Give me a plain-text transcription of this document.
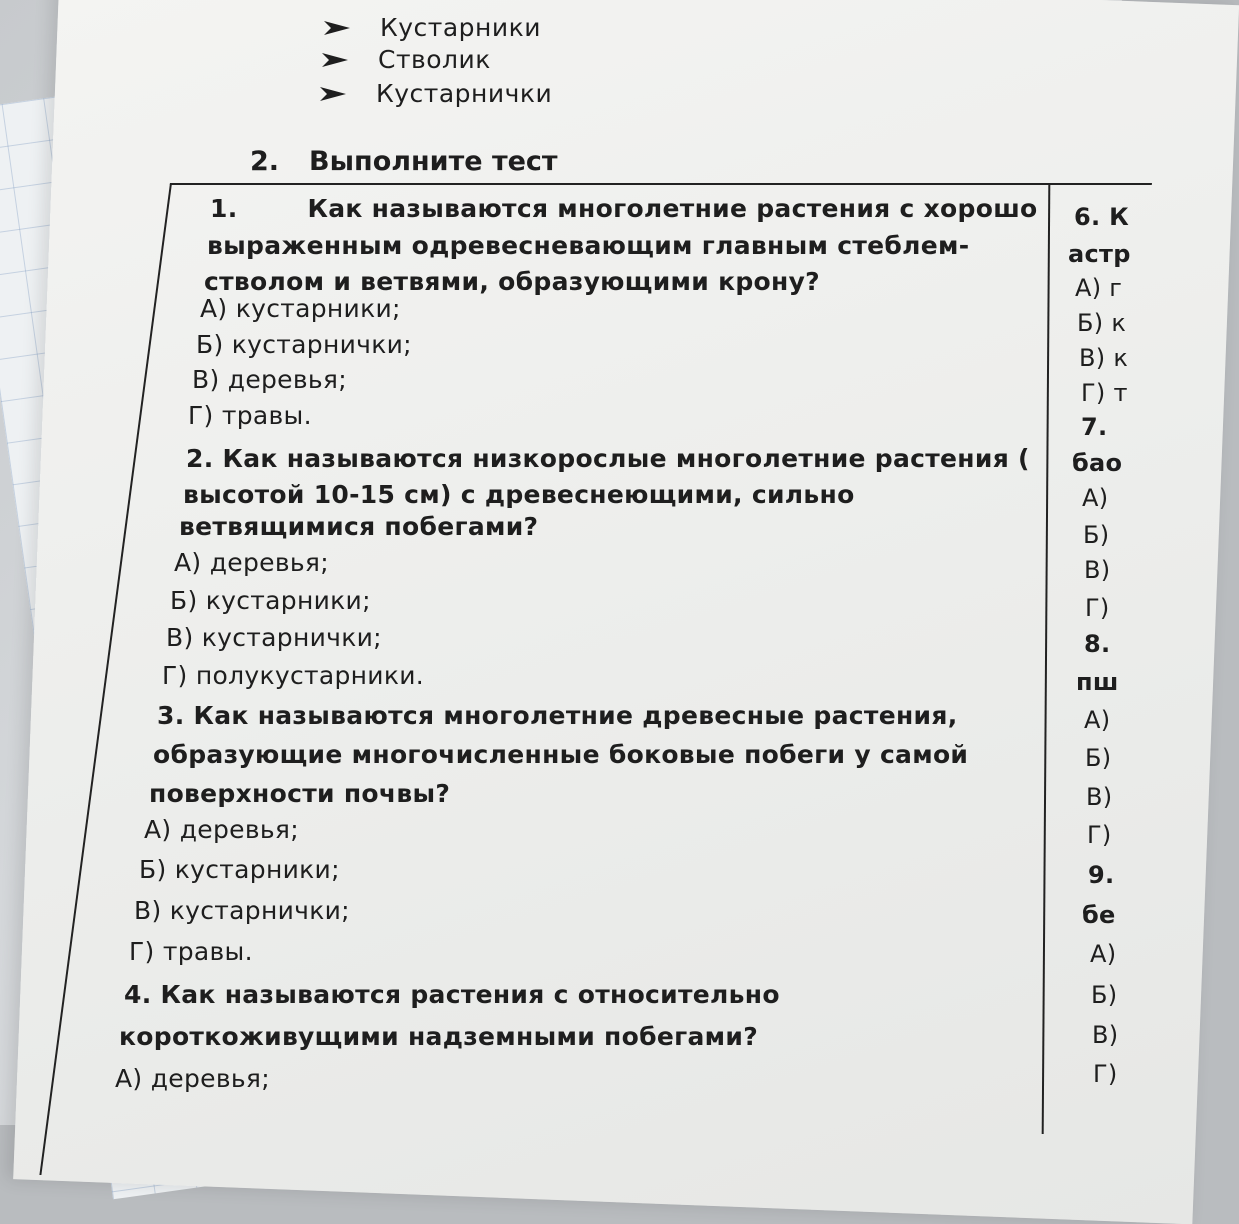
Кустарники
Стволик
Кустарнички
2. Выполните тест
1.	Как называются многолетние растения с хорошо
выраженным одревесневающим главным стеблем-
стволом и ветвями, образующими крону?
А) кустарники;
Б) кустарнички;
В) деревья;
Г) травы.
2. Как называются низкорослые многолетние растения (
высотой 10-15 см) с древеснеющими, сильно
ветвящимися побегами?
А) деревья;
Б) кустарники;
В) кустарнички;
Г) полукустарники.
3. Как называются многолетние древесные растения,
образующие многочисленные боковые побеги у самой
поверхности почвы?
А) деревья;
Б) кустарники;
В) кустарнички;
Г) травы.
4. Как называются растения с относительно
короткоживущими надземными побегами?
А) деревья;
6. К
астр
А) г
Б) к
В) к
Г) т
7.
бао
А)
Б)
В)
Г)
8.
пш
А)
Б)
В)
Г)
9.
бе
А)
Б)
В)
Г)
